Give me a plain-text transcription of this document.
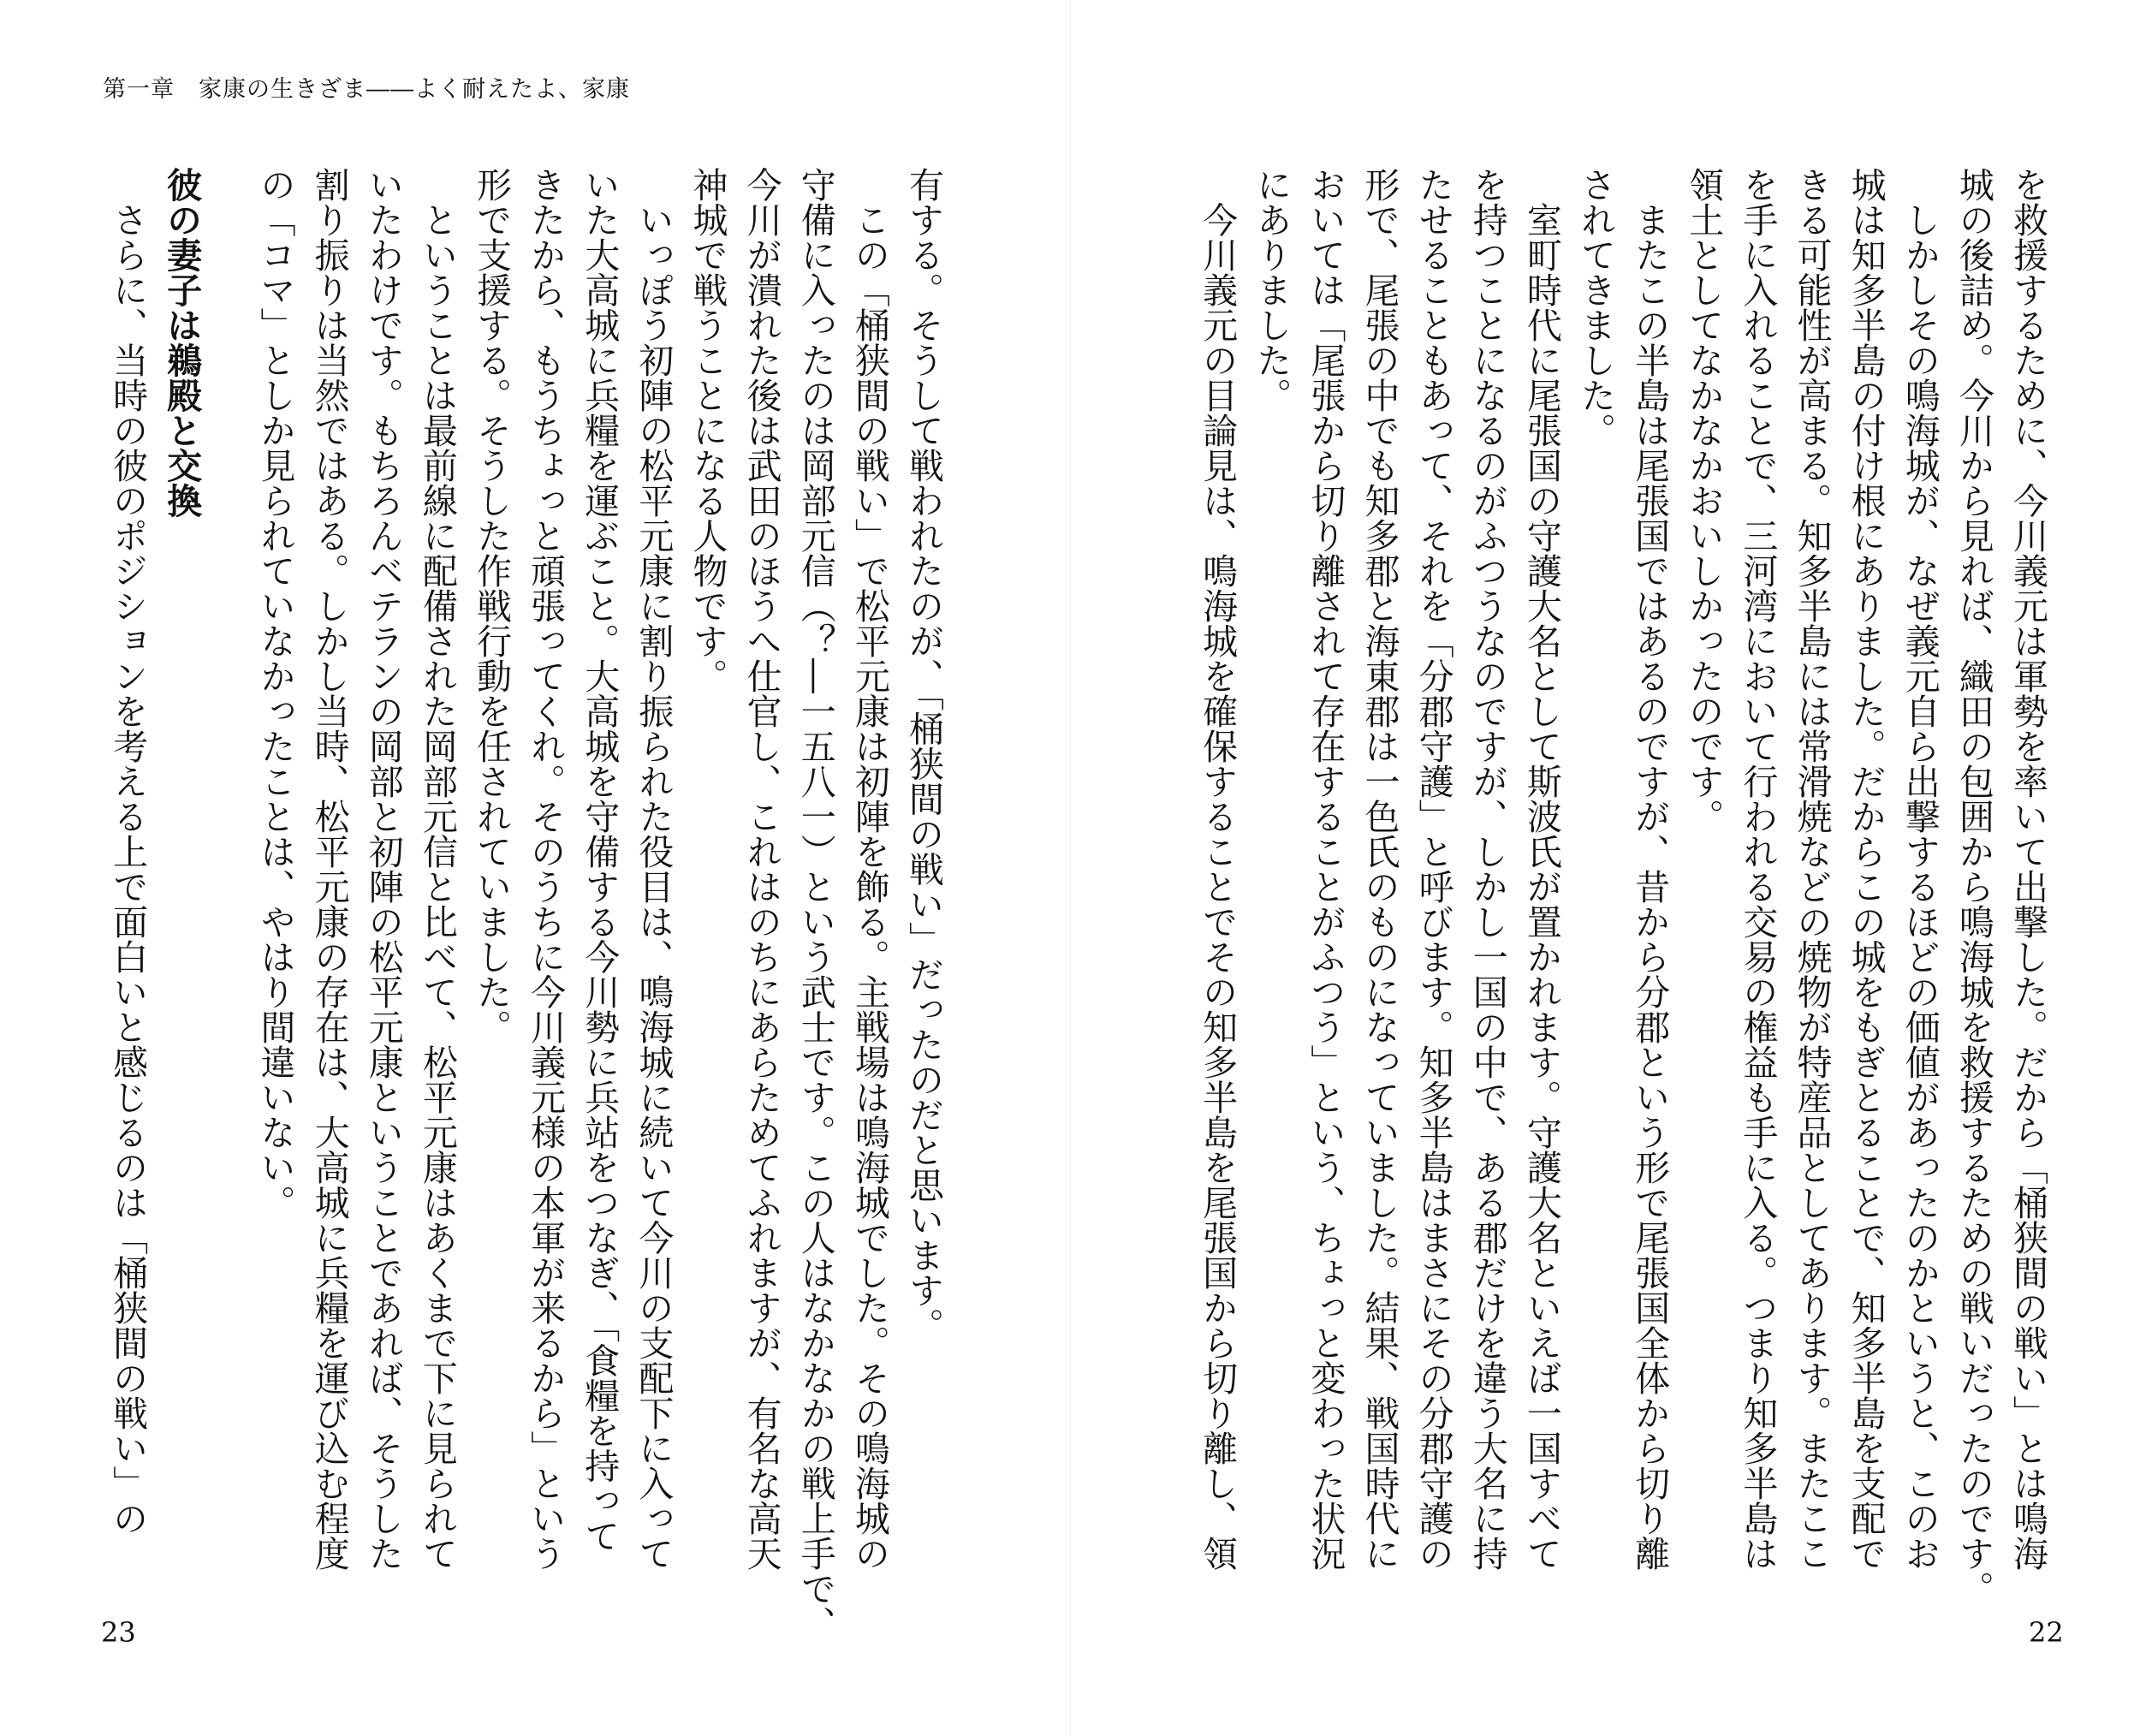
第一章　家康の生きざま――よく耐えたよ、家康

有する。そうして戦われたのが、「桶狭間の戦い」だったのだと思います。

　この「桶狭間の戦い」で松平元康は初陣を飾る。主戦場は鳴海城でした。その鳴海城の

守備に入ったのは岡部元信（？―一五八一）という武士です。この人はなかなかの戦上手で、

今川が潰れた後は武田のほうへ仕官し、これはのちにあらためてふれますが、有名な高天

神城で戦うことになる人物です。

　いっぽう初陣の松平元康に割り振られた役目は、鳴海城に続いて今川の支配下に入って

いた大高城に兵糧を運ぶこと。大高城を守備する今川勢に兵站をつなぎ、「食糧を持って

きたから、もうちょっと頑張ってくれ。そのうちに今川義元様の本軍が来るから」という

形で支援する。そうした作戦行動を任されていました。

　ということは最前線に配備された岡部元信と比べて、松平元康はあくまで下に見られて

いたわけです。もちろんベテランの岡部と初陣の松平元康ということであれば、そうした

割り振りは当然ではある。しかし当時、松平元康の存在は、大高城に兵糧を運び込む程度

の「コマ」としか見られていなかったことは、やはり間違いない。

彼の妻子は鵜殿と交換
　さらに、当時の彼のポジションを考える上で面白いと感じるのは「桶狭間の戦い」の
23	22

を救援するために、今川義元は軍勢を率いて出撃した。だから「桶狭間の戦い」とは鳴海

城の後詰め。今川から見れば、織田の包囲から鳴海城を救援するための戦いだったのです。

　しかしその鳴海城が、なぜ義元自ら出撃するほどの価値があったのかというと、このお

城は知多半島の付け根にありました。だからこの城をもぎとることで、知多半島を支配で

きる可能性が高まる。知多半島には常滑焼などの焼物が特産品としてあります。またここ

を手に入れることで、三河湾において行われる交易の権益も手に入る。つまり知多半島は

領土としてなかなかおいしかったのです。

　またこの半島は尾張国ではあるのですが、昔から分郡という形で尾張国全体から切り離

されてきました。

　室町時代に尾張国の守護大名として斯波氏が置かれます。守護大名といえば一国すべて

を持つことになるのがふつうなのですが、しかし一国の中で、ある郡だけを違う大名に持

たせることもあって、それを「分郡守護」と呼びます。知多半島はまさにその分郡守護の

形で、尾張の中でも知多郡と海東郡は一色氏のものになっていました。結果、戦国時代に

おいては「尾張から切り離されて存在することがふつう」という、ちょっと変わった状況

にありました。

　今川義元の目論見は、鳴海城を確保することでその知多半島を尾張国から切り離し、領
